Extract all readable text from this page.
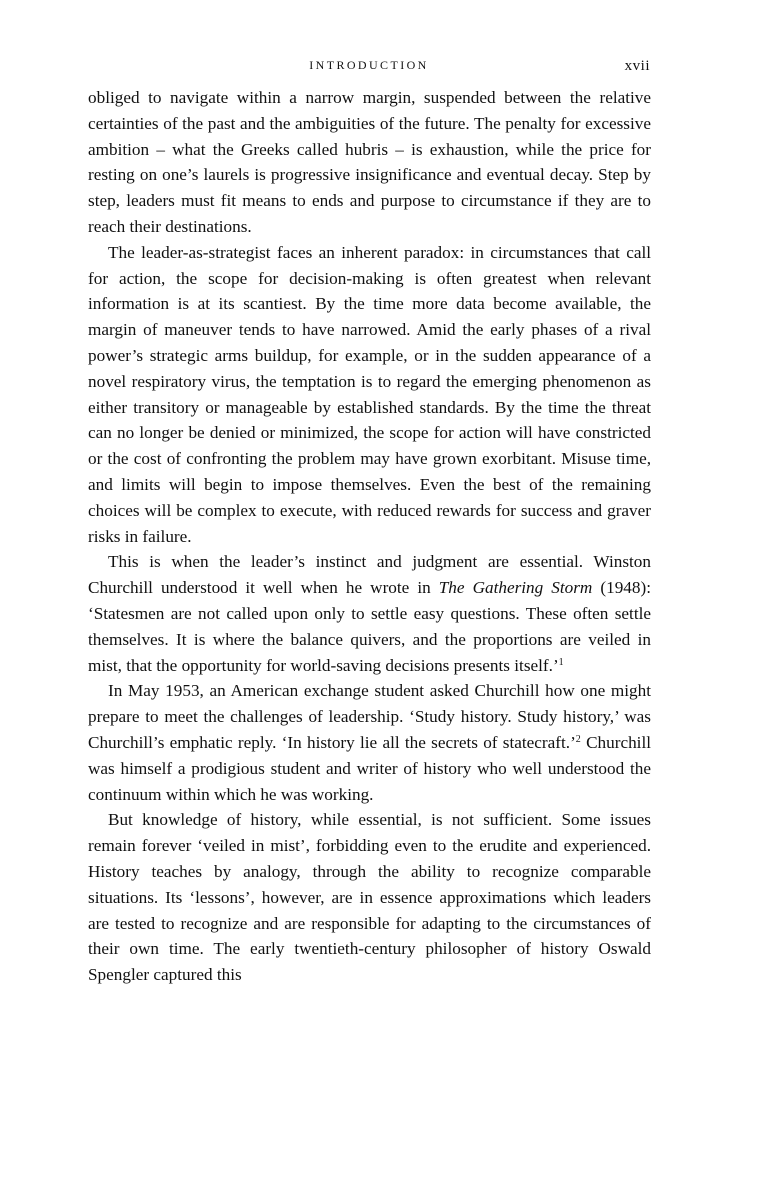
INTRODUCTION	xvii

obliged to navigate within a narrow margin, suspended between the relative certainties of the past and the ambiguities of the future. The penalty for excessive ambition – what the Greeks called hubris – is exhaustion, while the price for resting on one’s laurels is progressive insignificance and eventual decay. Step by step, leaders must fit means to ends and purpose to circumstance if they are to reach their destinations.

The leader-as-strategist faces an inherent paradox: in circumstances that call for action, the scope for decision-making is often greatest when relevant information is at its scantiest. By the time more data become available, the margin of maneuver tends to have narrowed. Amid the early phases of a rival power’s strategic arms buildup, for example, or in the sudden appearance of a novel respiratory virus, the temptation is to regard the emerging phenomenon as either transitory or manageable by established standards. By the time the threat can no longer be denied or minimized, the scope for action will have constricted or the cost of confronting the problem may have grown exorbitant. Misuse time, and limits will begin to impose themselves. Even the best of the remaining choices will be complex to execute, with reduced rewards for success and graver risks in failure.

This is when the leader’s instinct and judgment are essential. Winston Churchill understood it well when he wrote in The Gathering Storm (1948): ‘Statesmen are not called upon only to settle easy questions. These often settle themselves. It is where the balance quivers, and the proportions are veiled in mist, that the opportunity for world-saving decisions presents itself.’$^1$

In May 1953, an American exchange student asked Churchill how one might prepare to meet the challenges of leadership. ‘Study history. Study history,’ was Churchill’s emphatic reply. ‘In history lie all the secrets of statecraft.’$^2$ Churchill was himself a prodigious student and writer of history who well understood the continuum within which he was working.

But knowledge of history, while essential, is not sufficient. Some issues remain forever ‘veiled in mist’, forbidding even to the erudite and experienced. History teaches by analogy, through the ability to recognize comparable situations. Its ‘lessons’, however, are in essence approximations which leaders are tested to recognize and are responsible for adapting to the circumstances of their own time. The early twentieth-century philosopher of history Oswald Spengler captured this
